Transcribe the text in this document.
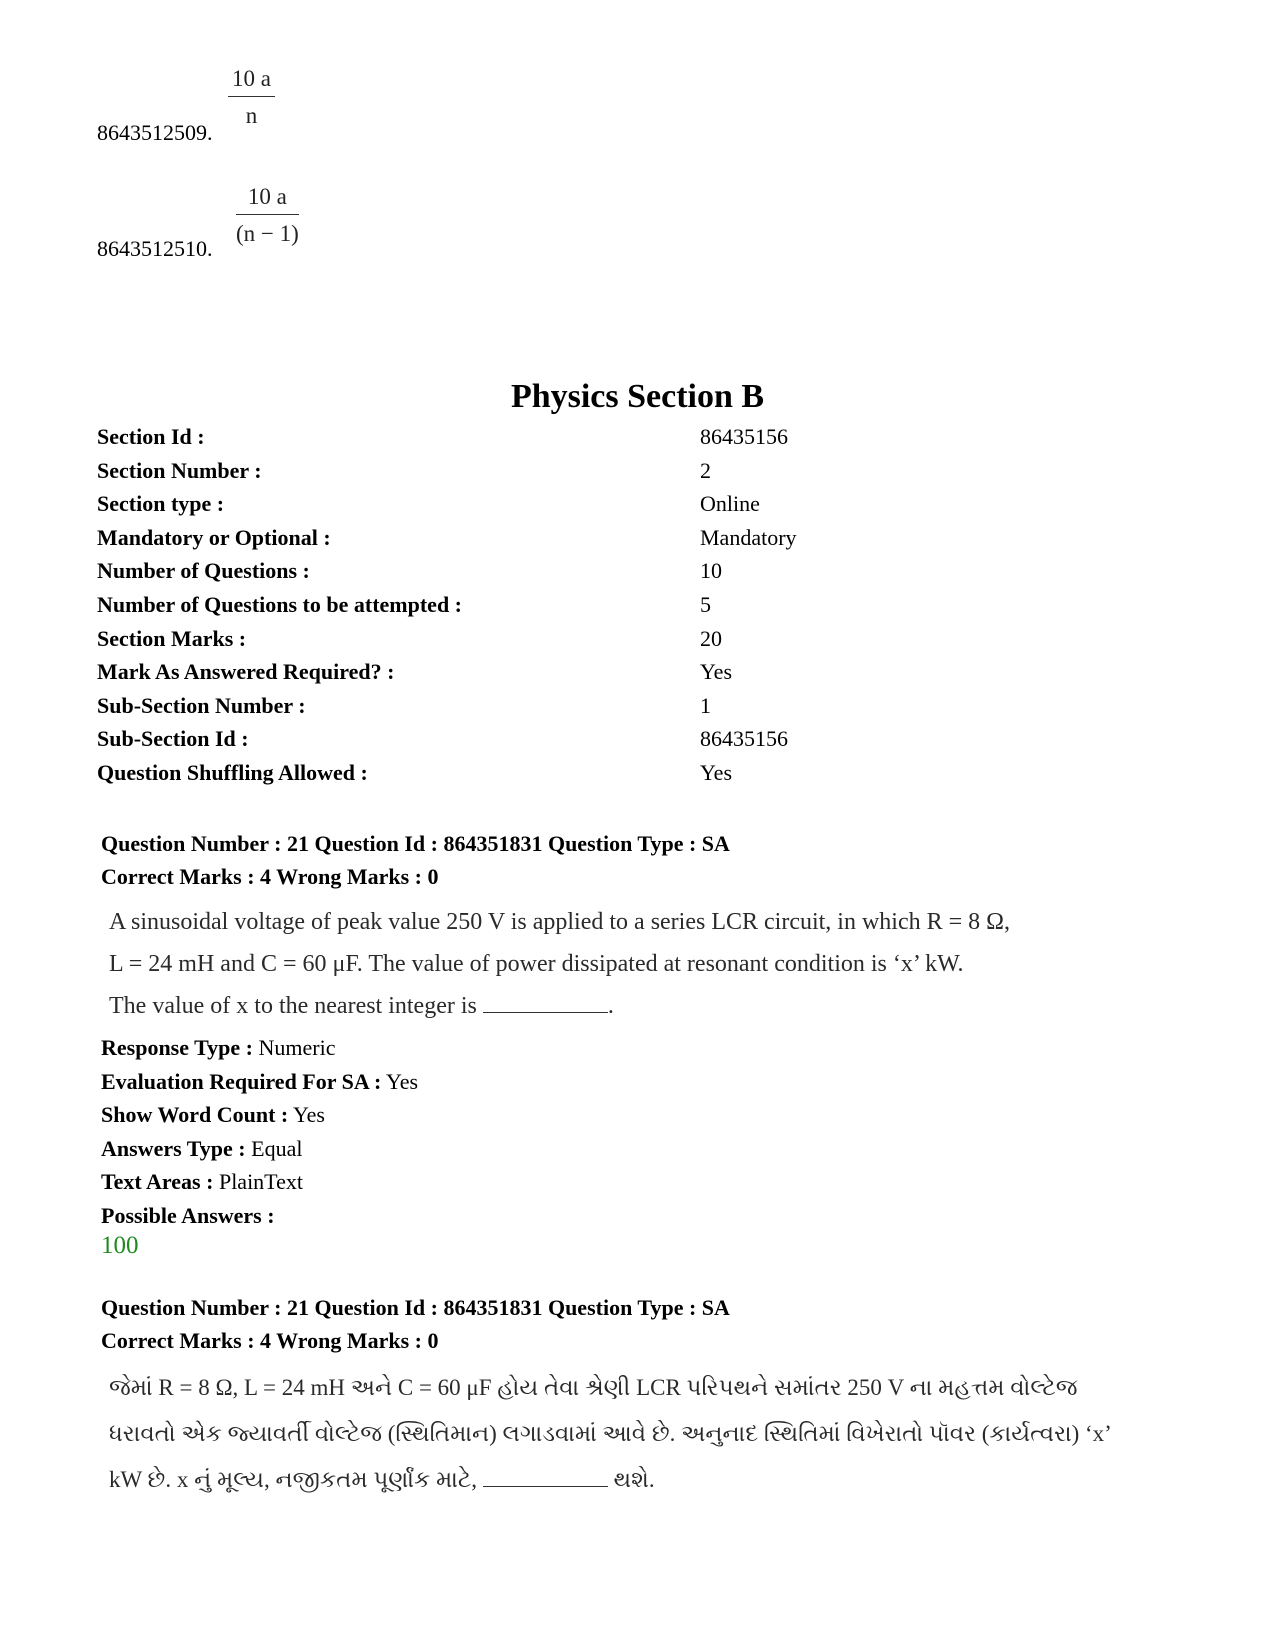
8643512509.
$\frac{10 a}{n}$
8643512510.
$\frac{10 a}{(n - 1)}$
Physics Section B
Section Id :	86435156
Section Number :	2
Section type :	Online
Mandatory or Optional :	Mandatory
Number of Questions :	10
Number of Questions to be attempted :	5
Section Marks :	20
Mark As Answered Required? :	Yes
Sub-Section Number :	1
Sub-Section Id :	86435156
Question Shuffling Allowed :	Yes
Question Number : 21 Question Id : 864351831 Question Type : SA
Correct Marks : 4 Wrong Marks : 0
A sinusoidal voltage of peak value 250 V is applied to a series LCR circuit, in which R = 8 Ω,
L = 24 mH and C = 60 μF. The value of power dissipated at resonant condition is ‘x’ kW.
The value of x to the nearest integer is	.
Response Type : Numeric
Evaluation Required For SA : Yes
Show Word Count : Yes
Answers Type : Equal
Text Areas : PlainText
Possible Answers :
100
Question Number : 21 Question Id : 864351831 Question Type : SA
Correct Marks : 4 Wrong Marks : 0
જેમાં R = 8 Ω, L = 24 mH અને C = 60 μF હોય તેવા શ્રેણી LCR પરિપથને સમાંતર 250 V ના મહત્તમ વોલ્ટેજ
ધરાવતો એક જ્યાવર્તી વોલ્ટેજ (સ્થિતિમાન) લગાડવામાં આવે છે. અનુનાદ સ્થિતિમાં વિખેરાતો પૉવર (કાર્યત્વરા) ‘x’
kW છે. x નું મૂલ્ય, નજીકતમ પૂર્ણાંક માટે,	થશે.
